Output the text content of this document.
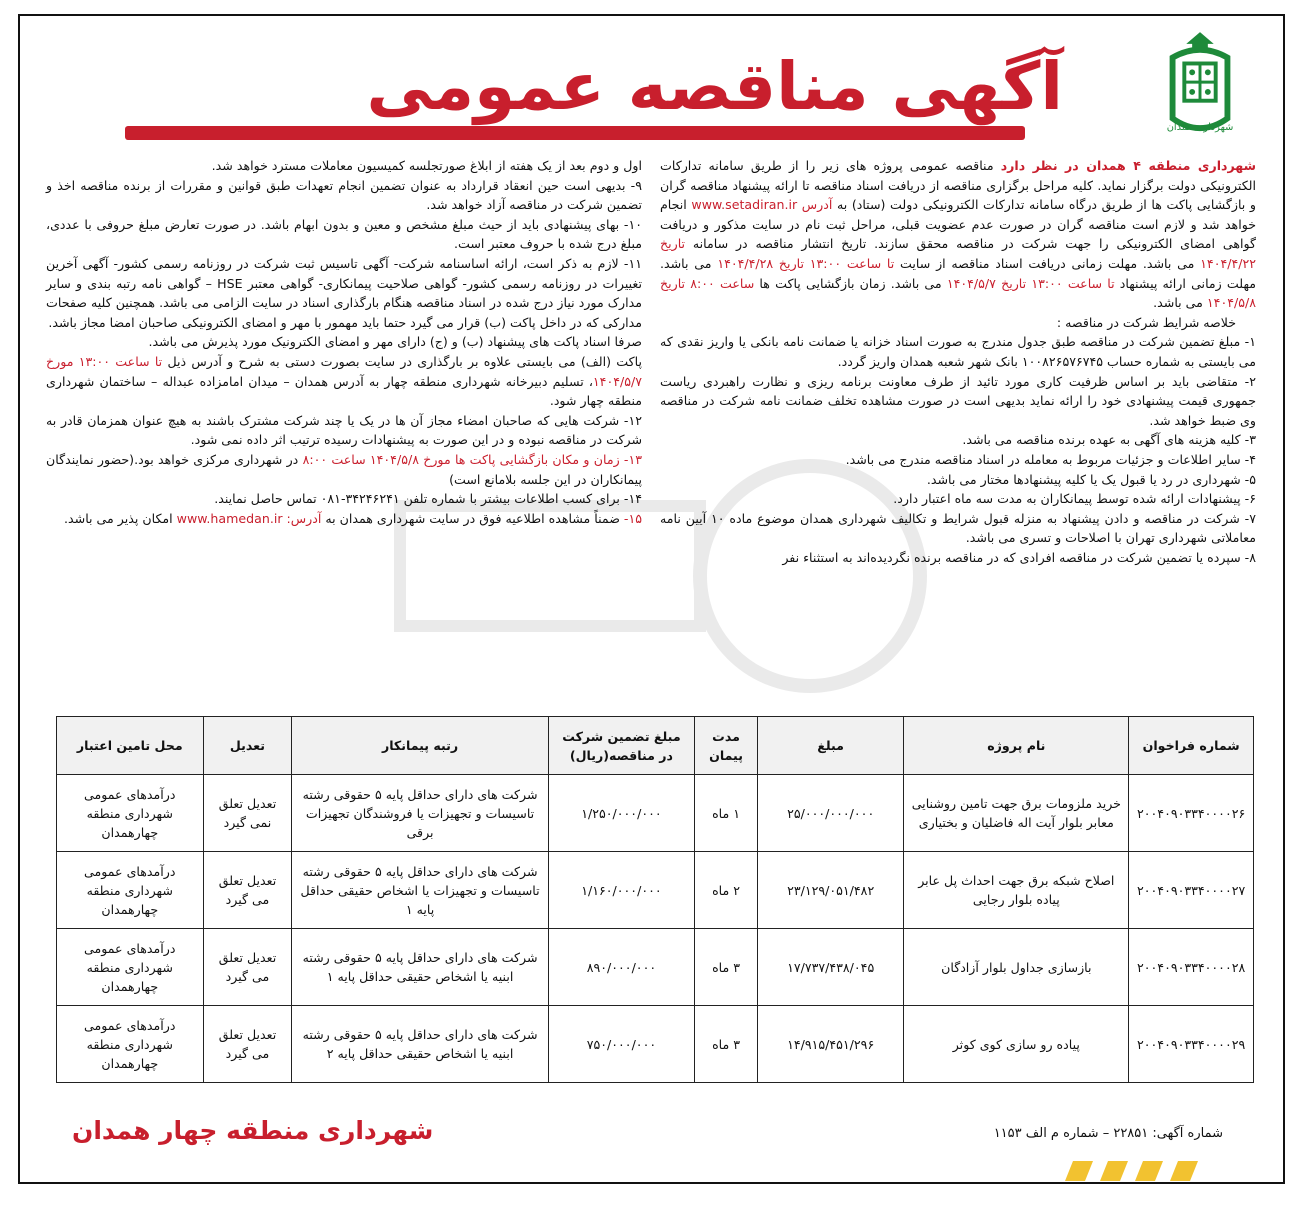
شهرداری همدان
آگهی مناقصه عمومی

شهرداری منطقه ۴ همدان در نظر دارد مناقصه عمومی پروژه های زیر را از طریق سامانه تدارکات الکترونیکی دولت برگزار نماید. کلیه مراحل برگزاری مناقصه از دریافت اسناد مناقصه تا ارائه پیشنهاد مناقصه گران و بازگشایی پاکت ها از طریق درگاه سامانه تدارکات الکترونیکی دولت (ستاد) به آدرس www.setadiran.ir انجام خواهد شد و لازم است مناقصه گران در صورت عدم عضویت قبلی، مراحل ثبت نام در سایت مذکور و دریافت گواهی امضای الکترونیکی را جهت شرکت در مناقصه محقق سازند. تاریخ انتشار مناقصه در سامانه تاریخ ۱۴۰۴/۴/۲۲ می باشد. مهلت زمانی دریافت اسناد مناقصه از سایت تا ساعت ۱۳:۰۰ تاریخ ۱۴۰۴/۴/۲۸ می باشد. مهلت زمانی ارائه پیشنهاد تا ساعت ۱۳:۰۰ تاریخ ۱۴۰۴/۵/۷ می باشد. زمان بازگشایی پاکت ها ساعت ۸:۰۰ تاریخ ۱۴۰۴/۵/۸ می باشد.

خلاصه شرایط شرکت در مناقصه :

۱- مبلغ تضمین شرکت در مناقصه طبق جدول مندرج به صورت اسناد خزانه یا ضمانت نامه بانکی یا واریز نقدی که می بایستی به شماره حساب ۱۰۰۸۲۶۵۷۶۷۴۵ بانک شهر شعبه همدان واریز گردد.

۲- متقاضی باید بر اساس ظرفیت کاری مورد تائید از طرف معاونت برنامه ریزی و نظارت راهبردی ریاست جمهوری قیمت پیشنهادی خود را ارائه نماید بدیهی است در صورت مشاهده تخلف ضمانت نامه شرکت در مناقصه وی ضبط خواهد شد.

۳- کلیه هزینه های آگهی به عهده برنده مناقصه می باشد.

۴- سایر اطلاعات و جزئیات مربوط به معامله در اسناد مناقصه مندرج می باشد.

۵- شهرداری در رد یا قبول یک یا کلیه پیشنهادها مختار می باشد.

۶- پیشنهادات ارائه شده توسط پیمانکاران به مدت سه ماه اعتبار دارد.

۷- شرکت در مناقصه و دادن پیشنهاد به منزله قبول شرایط و تکالیف شهرداری همدان موضوع ماده ۱۰ آیین نامه معاملاتی شهرداری تهران با اصلاحات و تسری می باشد.

۸- سپرده یا تضمین شرکت در مناقصه افرادی که در مناقصه برنده نگردیده‌اند به استثناء نفر

اول و دوم بعد از یک هفته از ابلاغ صورتجلسه کمیسیون معاملات مسترد خواهد شد.

۹- بدیهی است حین انعقاد قرارداد به عنوان تضمین انجام تعهدات طبق قوانین و مقررات از برنده مناقصه اخذ و تضمین شرکت در مناقصه آزاد خواهد شد.

۱۰- بهای پیشنهادی باید از حیث مبلغ مشخص و معین و بدون ابهام باشد. در صورت تعارض مبلغ حروفی با عددی، مبلغ درج شده با حروف معتبر است.

۱۱- لازم به ذکر است، ارائه اساسنامه شرکت- آگهی تاسیس ثبت شرکت در روزنامه رسمی کشور- آگهی آخرین تغییرات در روزنامه رسمی کشور- گواهی صلاحیت پیمانکاری- گواهی معتبر HSE – گواهی نامه رتبه بندی و سایر مدارک مورد نیاز درج شده در اسناد مناقصه هنگام بارگذاری اسناد در سایت الزامی می باشد. همچنین کلیه صفحات مدارکی که در داخل پاکت (ب) قرار می گیرد حتما باید مهمور با مهر و امضای الکترونیکی صاحبان امضا مجاز باشد.

صرفا اسناد پاکت های پیشنهاد (ب) و (ج) دارای مهر و امضای الکترونیک مورد پذیرش می باشد.

پاکت (الف) می بایستی علاوه بر بارگذاری در سایت بصورت دستی به شرح و آدرس ذیل تا ساعت ۱۳:۰۰ مورخ ۱۴۰۴/۵/۷، تسلیم دبیرخانه شهرداری منطقه چهار به آدرس همدان – میدان امامزاده عبداله – ساختمان شهرداری منطقه چهار شود.

۱۲- شرکت هایی که صاحبان امضاء مجاز آن ها در یک یا چند شرکت مشترک باشند به هیچ عنوان همزمان قادر به شرکت در مناقصه نبوده و در این صورت به پیشنهادات رسیده ترتیب اثر داده نمی شود.

۱۳- زمان و مکان بازگشایی پاکت ها مورخ ۱۴۰۴/۵/۸ ساعت ۸:۰۰ در شهرداری مرکزی خواهد بود.(حضور نمایندگان پیمانکاران در این جلسه بلامانع است)

۱۴- برای کسب اطلاعات بیشتر با شماره تلفن ۳۴۲۴۶۲۴۱-۰۸۱ تماس حاصل نمایند.

۱۵- ضمناً مشاهده اطلاعیه فوق در سایت شهرداری همدان به آدرس: www.hamedan.ir امکان پذیر می باشد.

شماره فراخوان	نام پروژه	مبلغ	مدت پیمان	مبلغ تضمین شرکت در مناقصه(ریال)	رتبه پیمانکار	تعدیل	محل تامین اعتبار
۲۰۰۴۰۹۰۳۳۴۰۰۰۰۲۶	خرید ملزومات برق جهت تامین روشنایی معابر بلوار آیت اله فاضلیان و بختیاری	۲۵/۰۰۰/۰۰۰/۰۰۰	۱ ماه	۱/۲۵۰/۰۰۰/۰۰۰	شرکت های دارای حداقل پایه ۵ حقوقی رشته تاسیسات و تجهیزات یا فروشندگان تجهیزات برقی	تعدیل تعلق نمی گیرد	درآمدهای عمومی شهرداری منطقه چهارهمدان
۲۰۰۴۰۹۰۳۳۴۰۰۰۰۲۷	اصلاح شبکه برق جهت احداث پل عابر پیاده بلوار رجایی	۲۳/۱۲۹/۰۵۱/۴۸۲	۲ ماه	۱/۱۶۰/۰۰۰/۰۰۰	شرکت های دارای حداقل پایه ۵ حقوقی رشته تاسیسات و تجهیزات یا اشخاص حقیقی حداقل پایه ۱	تعدیل تعلق می گیرد	درآمدهای عمومی شهرداری منطقه چهارهمدان
۲۰۰۴۰۹۰۳۳۴۰۰۰۰۲۸	بازسازی جداول بلوار آزادگان	۱۷/۷۳۷/۴۳۸/۰۴۵	۳ ماه	۸۹۰/۰۰۰/۰۰۰	شرکت های دارای حداقل پایه ۵ حقوقی رشته ابنیه یا اشخاص حقیقی حداقل پایه ۱	تعدیل تعلق می گیرد	درآمدهای عمومی شهرداری منطقه چهارهمدان
۲۰۰۴۰۹۰۳۳۴۰۰۰۰۲۹	پیاده رو سازی کوی کوثر	۱۴/۹۱۵/۴۵۱/۲۹۶	۳ ماه	۷۵۰/۰۰۰/۰۰۰	شرکت های دارای حداقل پایه ۵ حقوقی رشته ابنیه یا اشخاص حقیقی حداقل پایه ۲	تعدیل تعلق می گیرد	درآمدهای عمومی شهرداری منطقه چهارهمدان
شماره آگهی: ۲۲۸۵۱ – شماره م الف ۱۱۵۳
شهرداری منطقه چهار همدان
